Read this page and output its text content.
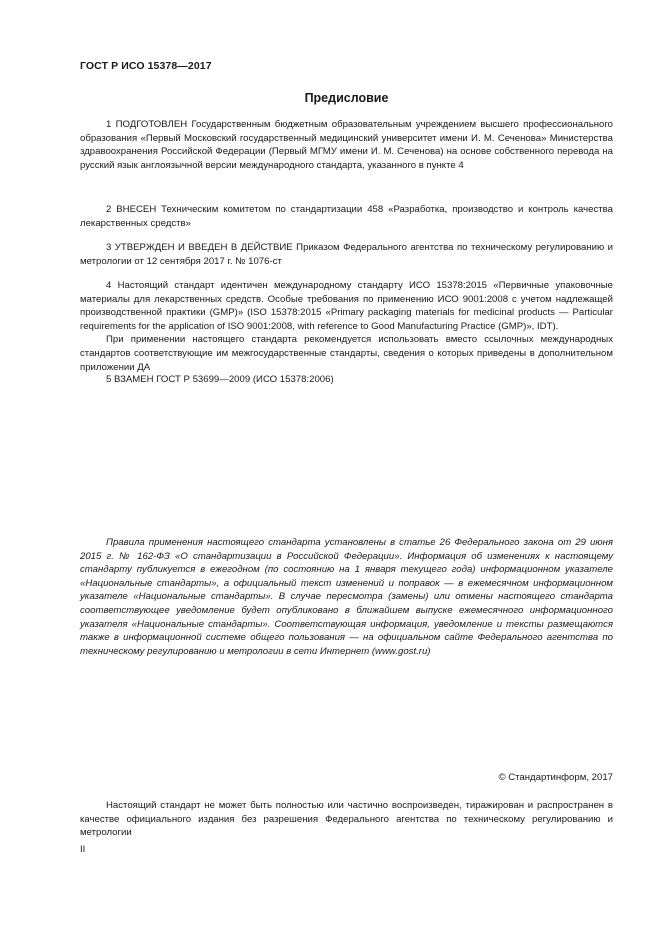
ГОСТ Р ИСО 15378—2017
Предисловие

1 ПОДГОТОВЛЕН Государственным бюджетным образовательным учреждением высшего профессионального образования «Первый Московский государственный медицинский университет имени И. М. Сеченова» Министерства здравоохранения Российской Федерации (Первый МГМУ имени И. М. Сеченова) на основе собственного перевода на русский язык англоязычной версии международного стандарта, указанного в пункте 4

2 ВНЕСЕН Техническим комитетом по стандартизации 458 «Разработка, производство и контроль качества лекарственных средств»

3 УТВЕРЖДЕН И ВВЕДЕН В ДЕЙСТВИЕ Приказом Федерального агентства по техническому регулированию и метрологии от 12 сентября 2017 г. № 1076-ст

4 Настоящий стандарт идентичен международному стандарту ИСО 15378:2015 «Первичные упаковочные материалы для лекарственных средств. Особые требования по применению ИСО 9001:2008 с учетом надлежащей производственной практики (GMP)» (ISO 15378:2015 «Primary packaging materials for medicinal products — Particular requirements for the application of ISO 9001:2008, with reference to Good Manufacturing Practice (GMP)», IDT).

При применении настоящего стандарта рекомендуется использовать вместо ссылочных международных стандартов соответствующие им межгосударственные стандарты, сведения о которых приведены в дополнительном приложении ДА

5 ВЗАМЕН ГОСТ Р 53699—2009 (ИСО 15378:2006)

Правила применения настоящего стандарта установлены в статье 26 Федерального закона от 29 июня 2015 г. № 162-ФЗ «О стандартизации в Российской Федерации». Информация об изменениях к настоящему стандарту публикуется в ежегодном (по состоянию на 1 января текущего года) информационном указателе «Национальные стандарты», а официальный текст изменений и поправок — в ежемесячном информационном указателе «Национальные стандарты». В случае пересмотра (замены) или отмены настоящего стандарта соответствующее уведомление будет опубликовано в ближайшем выпуске ежемесячного информационного указателя «Национальные стандарты». Соответствующая информация, уведомление и тексты размещаются также в информационной системе общего пользования — на официальном сайте Федерального агентства по техническому регулированию и метрологии в сети Интернет (www.gost.ru)

© Стандартинформ, 2017

Настоящий стандарт не может быть полностью или частично воспроизведен, тиражирован и распространен в качестве официального издания без разрешения Федерального агентства по техническому регулированию и метрологии

II
